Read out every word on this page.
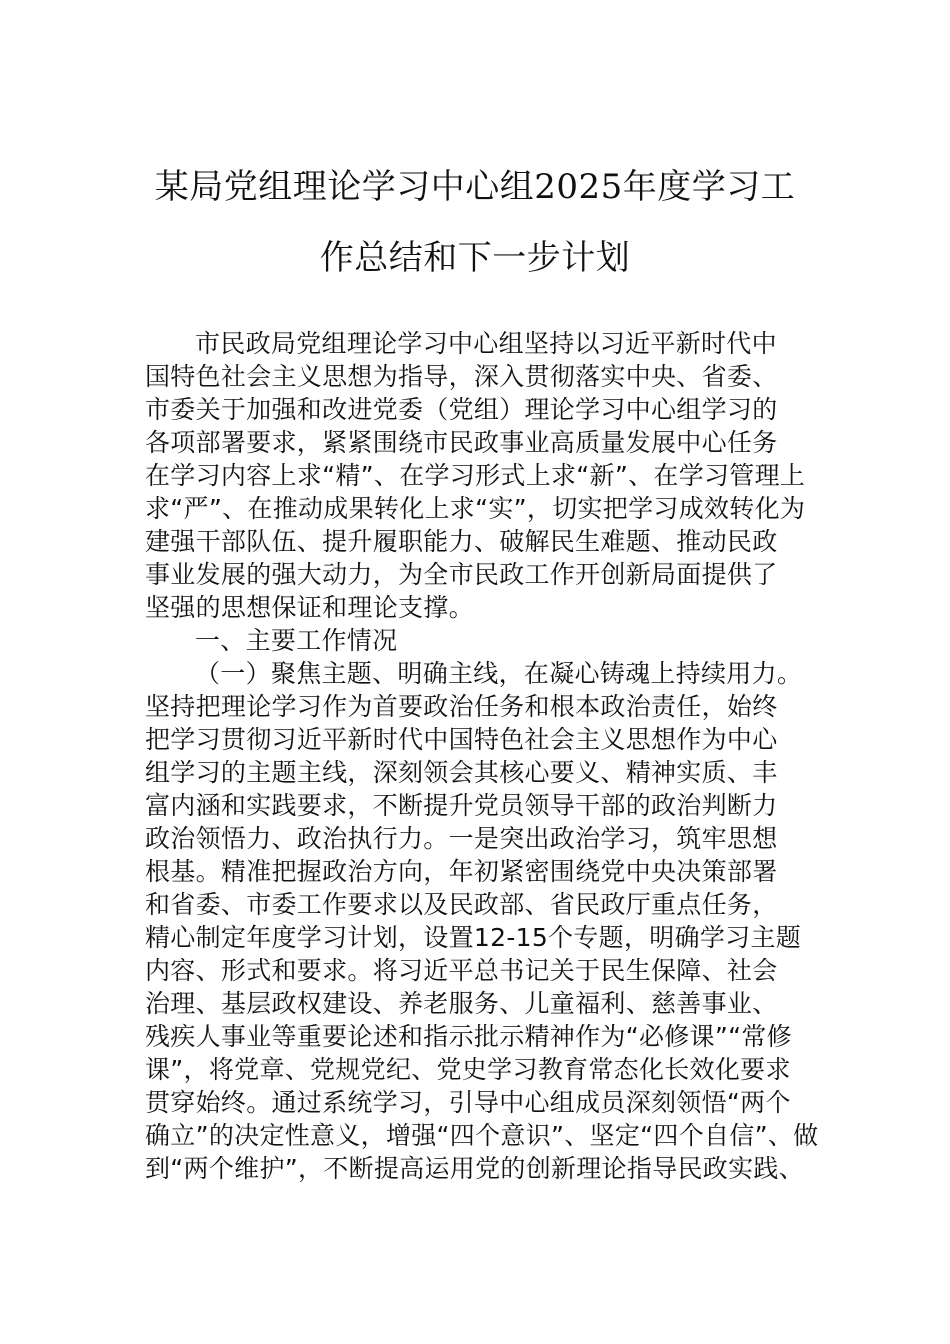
某局党组理论学习中心组2025年度学习工
作总结和下一步计划
市民政局党组理论学习中心组坚持以习近平新时代中
国特色社会主义思想为指导，深入贯彻落实中央、省委、
市委关于加强和改进党委（党组）理论学习中心组学习的
各项部署要求，紧紧围绕市民政事业高质量发展中心任务
在学习内容上求“精”、在学习形式上求“新”、在学习管理上
求“严”、在推动成果转化上求“实”，切实把学习成效转化为
建强干部队伍、提升履职能力、破解民生难题、推动民政
事业发展的强大动力，为全市民政工作开创新局面提供了
坚强的思想保证和理论支撑。
一、主要工作情况
（一）聚焦主题、明确主线，在凝心铸魂上持续用力。
坚持把理论学习作为首要政治任务和根本政治责任，始终
把学习贯彻习近平新时代中国特色社会主义思想作为中心
组学习的主题主线，深刻领会其核心要义、精神实质、丰
富内涵和实践要求，不断提升党员领导干部的政治判断力
政治领悟力、政治执行力。一是突出政治学习，筑牢思想
根基。精准把握政治方向，年初紧密围绕党中央决策部署
和省委、市委工作要求以及民政部、省民政厅重点任务，
精心制定年度学习计划，设置12-15个专题，明确学习主题
内容、形式和要求。将习近平总书记关于民生保障、社会
治理、基层政权建设、养老服务、儿童福利、慈善事业、
残疾人事业等重要论述和指示批示精神作为“必修课”“常修
课”，将党章、党规党纪、党史学习教育常态化长效化要求
贯穿始终。通过系统学习，引导中心组成员深刻领悟“两个
确立”的决定性意义，增强“四个意识”、坚定“四个自信”、做
到“两个维护”，不断提高运用党的创新理论指导民政实践、
